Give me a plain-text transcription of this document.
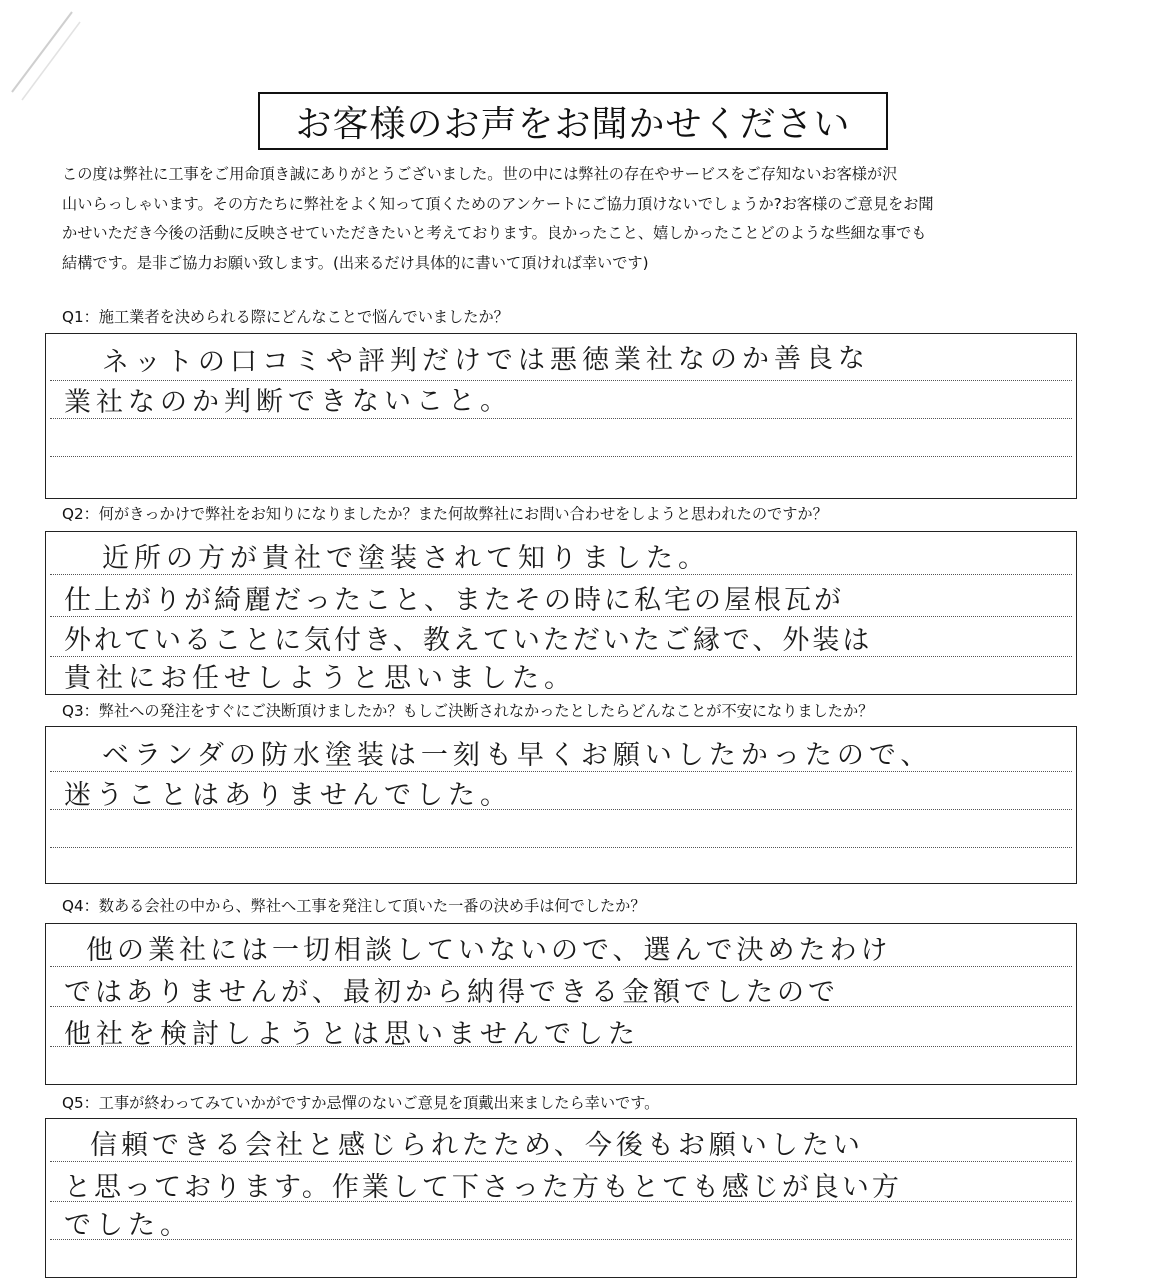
お客様のお声をお聞かせください
この度は弊社に工事をご用命頂き誠にありがとうございました。世の中には弊社の存在やサービスをご存知ないお客様が沢
山いらっしゃいます。その方たちに弊社をよく知って頂くためのアンケートにご協力頂けないでしょうか?お客様のご意見をお聞
かせいただき今後の活動に反映させていただきたいと考えております。良かったこと、嬉しかったことどのような些細な事でも
結構です。是非ご協力お願い致します。(出来るだけ具体的に書いて頂ければ幸いです)
Q1：施工業者を決められる際にどんなことで悩んでいましたか？
ネットの口コミや評判だけでは悪徳業社なのか善良な
業社なのか判断できないこと。
Q2：何がきっかけで弊社をお知りになりましたか？また何故弊社にお問い合わせをしようと思われたのですか？
近所の方が貴社で塗装されて知りました。
仕上がりが綺麗だったこと、またその時に私宅の屋根瓦が
外れていることに気付き、教えていただいたご縁で、外装は
貴社にお任せしようと思いました。
Q3：弊社への発注をすぐにご決断頂けましたか？もしご決断されなかったとしたらどんなことが不安になりましたか？
ベランダの防水塗装は一刻も早くお願いしたかったので、
迷うことはありませんでした。
Q4：数ある会社の中から、弊社へ工事を発注して頂いた一番の決め手は何でしたか？
他の業社には一切相談していないので、選んで決めたわけ
ではありませんが、最初から納得できる金額でしたので
他社を検討しようとは思いませんでした
Q5：工事が終わってみていかがですか忌憚のないご意見を頂戴出来ましたら幸いです。
信頼できる会社と感じられたため、今後もお願いしたい
と思っております。作業して下さった方もとても感じが良い方
でした。
